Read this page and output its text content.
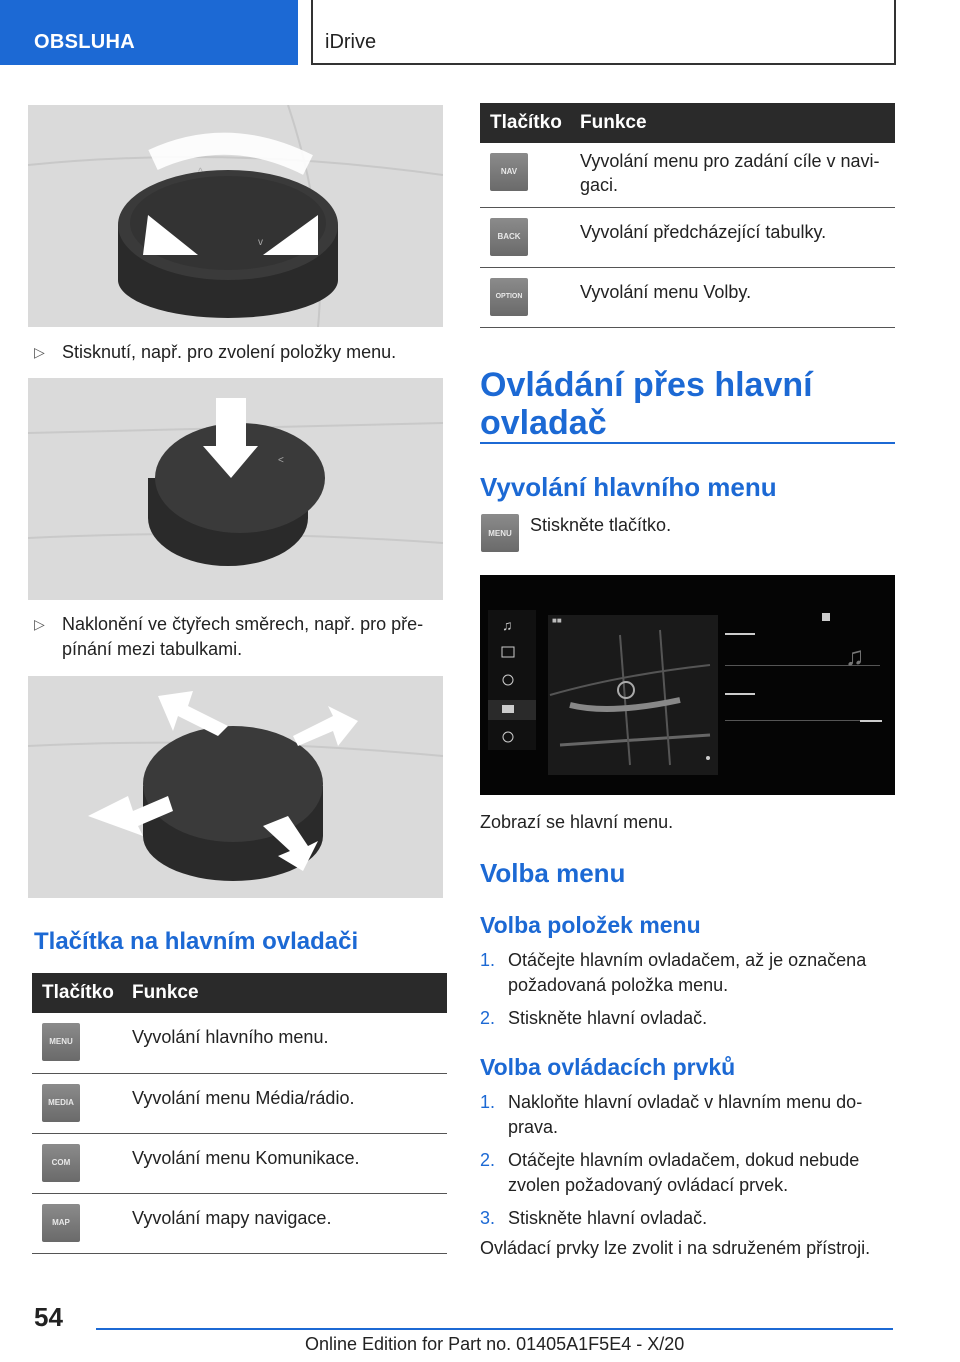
OBSLUHA	iDrive
^
v
▷ Stisknutí, např. pro zvolení položky menu.
<
▷ Naklonění ve čtyřech směrech, např. pro pře-pínání mezi tabulkami.
Tlačítka na hlavním ovladači
Tlačítko	Funkce

MENU	Vyvolání hlavního menu.

MEDIA	Vyvolání menu Média/rádio.

COM	Vyvolání menu Komunikace.

MAP	Vyvolání mapy navigace.
Tlačítko	Funkce

NAV	Vyvolání menu pro zadání cíle v navi-gaci.

BACK	Vyvolání předcházející tabulky.

OPTION	Vyvolání menu Volby.
Ovládání přes hlavní ovladač
Vyvolání hlavního menu
MENU	Stiskněte tlačítko.
♫	■■
♫
Zobrazí se hlavní menu.
Volba menu
Volba položek menu
1. Otáčejte hlavním ovladačem, až je označena požadovaná položka menu.
2. Stiskněte hlavní ovladač.
Volba ovládacích prvků
1. Nakloňte hlavní ovladač v hlavním menu do-prava.
2. Otáčejte hlavním ovladačem, dokud nebude zvolen požadovaný ovládací prvek.
3. Stiskněte hlavní ovladač.
Ovládací prvky lze zvolit i na sdruženém přístroji.
54
Online Edition for Part no. 01405A1F5E4 - X/20
